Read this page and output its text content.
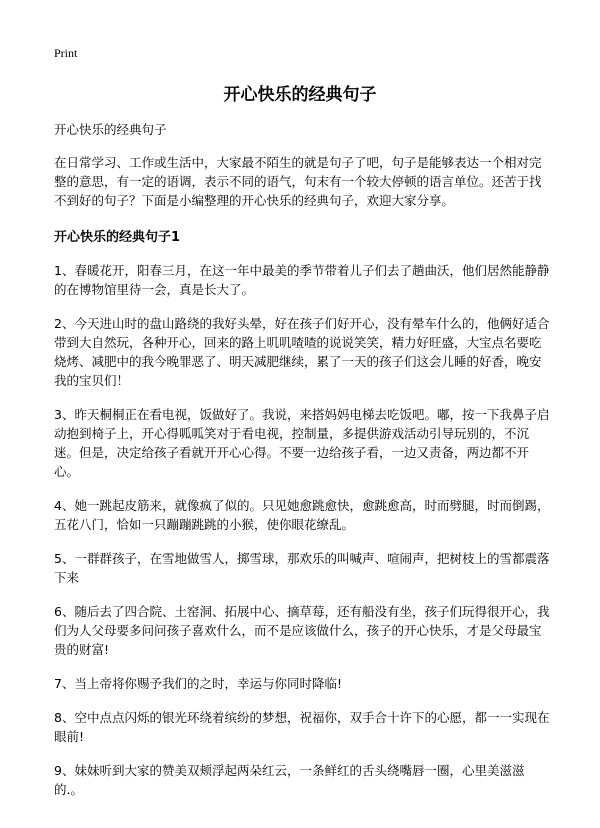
Print
开心快乐的经典句子

开心快乐的经典句子

在日常学习、工作或生活中，大家最不陌生的就是句子了吧，句子是能够表达一个相对完整的意思，有一定的语调，表示不同的语气，句末有一个较大停顿的语言单位。还苦于找不到好的句子？下面是小编整理的开心快乐的经典句子，欢迎大家分享。

开心快乐的经典句子1

1、春暖花开，阳春三月，在这一年中最美的季节带着儿子们去了趟曲沃，他们居然能静静的在博物馆里待一会，真是长大了。

2、今天进山时的盘山路绕的我好头晕，好在孩子们好开心，没有晕车什么的，他俩好适合带到大自然玩，各种开心，回来的路上叽叽喳喳的说说笑笑，精力好旺盛，大宝点名要吃烧烤、减肥中的我今晚罪恶了、明天减肥继续，累了一天的孩子们这会儿睡的好香，晚安我的宝贝们！

3、昨天桐桐正在看电视，饭做好了。我说，来搭妈妈电梯去吃饭吧。嘟，按一下我鼻子启动抱到椅子上，开心得呱呱笑对于看电视，控制量，多提供游戏活动引导玩别的，不沉迷。但是，决定给孩子看就开开心心得。不要一边给孩子看，一边又责备，两边都不开心。

4、她一跳起皮筋来，就像疯了似的。只见她愈跳愈快，愈跳愈高，时而劈腿，时而倒踢，五花八门，恰如一只蹦蹦跳跳的小猴，使你眼花缭乱。

5、一群群孩子，在雪地做雪人，掷雪球，那欢乐的叫喊声、喧闹声，把树枝上的雪都震落下来

6、随后去了四合院、土窑洞、拓展中心、摘草莓，还有船没有坐，孩子们玩得很开心，我们为人父母要多问问孩子喜欢什么，而不是应该做什么，孩子的开心快乐，才是父母最宝贵的财富!

7、当上帝将你赐予我们的之时，幸运与你同时降临!

8、空中点点闪烁的银光环绕着缤纷的梦想，祝福你，双手合十许下的心愿，都一一实现在眼前!

9、妹妹听到大家的赞美双颊浮起两朵红云，一条鲜红的舌头绕嘴唇一圈，心里美滋滋的.。
